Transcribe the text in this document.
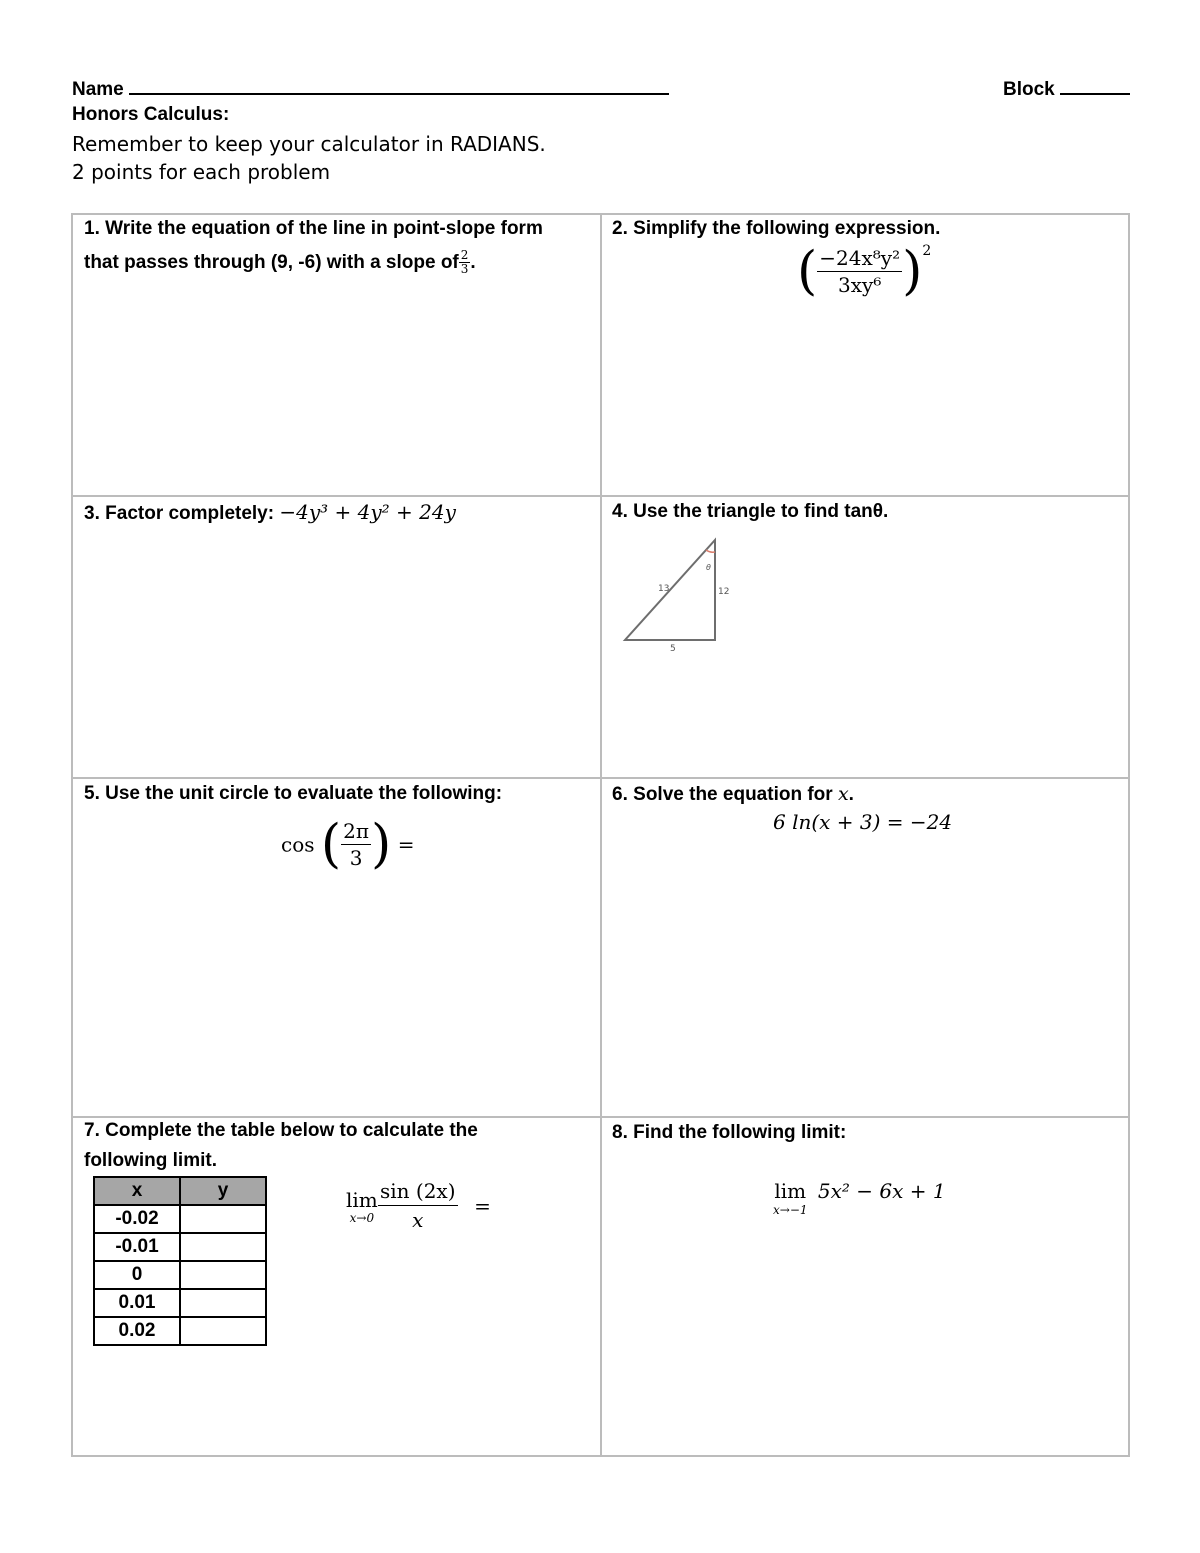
Name	Block
Honors Calculus:
Remember to keep your calculator in RADIANS.
2 points for each problem
1. Write the equation of the line in point-slope form
that passes through (9, -6) with a slope of $\frac{2}{3}$ .
2. Simplify the following expression.
( $\frac{\text{−24x⁸y²}}{\text{3xy⁶}} )^2$
3. Factor completely: −4y³ + 4y² + 24y	4. Use the triangle to find tanθ.
θ
13	12
5
5. Use the unit circle to evaluate the following:
cos ( $\frac{2\pi}{3}$ ) =
6. Solve the equation for x.
6 ln(x + 3) = −24
7. Complete the table below to calculate the
following limit.
x	y
-0.02	
-0.01	
0	
0.01	
0.02	
lim
$x\to 0 \frac{\sin (2x)}{x}$ =
8. Find the following limit:
lim
x→−1
5x² − 6x + 1
